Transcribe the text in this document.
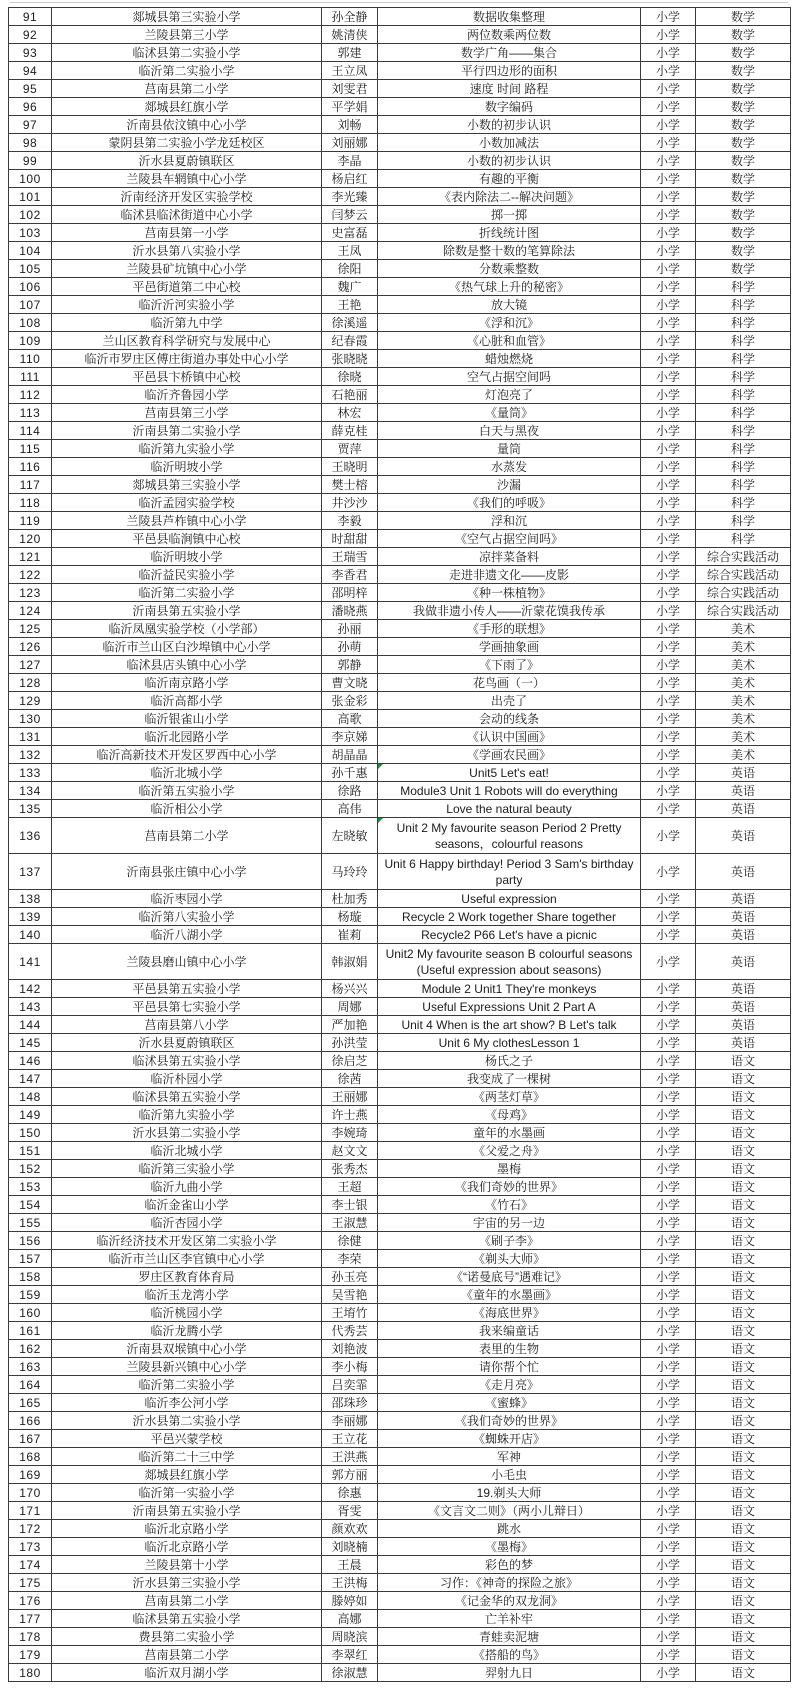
91	郯城县第三实验小学	孙全静	数据收集整理	小学	数学
92	兰陵县第三小学	姚清侠	两位数乘两位数	小学	数学
93	临沭县第二实验小学	郭建	数学广角——集合	小学	数学
94	临沂第二实验小学	王立凤	平行四边形的面积	小学	数学
95	莒南县第二小学	刘雯君	速度 时间 路程	小学	数学
96	郯城县红旗小学	平学娟	数字编码	小学	数学
97	沂南县依汶镇中心小学	刘畅	小数的初步认识	小学	数学
98	蒙阴县第二实验小学龙廷校区	刘丽娜	小数加减法	小学	数学
99	沂水县夏蔚镇联区	李晶	小数的初步认识	小学	数学
100	兰陵县车辋镇中心小学	杨启红	有趣的平衡	小学	数学
101	沂南经济开发区实验学校	李光臻	《表内除法二--解决问题》	小学	数学
102	临沭县临沭街道中心小学	闫梦云	掷一掷	小学	数学
103	莒南县第一小学	史富磊	折线统计图	小学	数学
104	沂水县第八实验小学	王凤	除数是整十数的笔算除法	小学	数学
105	兰陵县矿坑镇中心小学	徐阳	分数乘整数	小学	数学
106	平邑街道第二中心校	魏广	《热气球上升的秘密》	小学	科学
107	临沂沂河实验小学	王艳	放大镜	小学	科学
108	临沂第九中学	徐溪遥	《浮和沉》	小学	科学
109	兰山区教育科学研究与发展中心	纪春霞	《心脏和血管》	小学	科学
110	临沂市罗庄区傅庄街道办事处中心小学	张晓晓	蜡烛燃烧	小学	科学
111	平邑县卞桥镇中心校	徐晓	空气占据空间吗	小学	科学
112	临沂齐鲁园小学	石艳丽	灯泡亮了	小学	科学
113	莒南县第三小学	林宏	《量筒》	小学	科学
114	沂南县第二实验小学	薛克桂	白天与黑夜	小学	科学
115	临沂第九实验小学	贾萍	量筒	小学	科学
116	临沂明坡小学	王晓明	水蒸发	小学	科学
117	郯城县第三实验小学	樊士榕	沙漏	小学	科学
118	临沂孟园实验学校	井沙沙	《我们的呼吸》	小学	科学
119	兰陵县芦柞镇中心小学	李毅	浮和沉	小学	科学
120	平邑县临涧镇中心校	时甜甜	《空气占据空间吗》	小学	科学
121	临沂明坡小学	王瑞雪	凉拌菜备料	小学	综合实践活动
122	临沂益民实验小学	李香君	走进非遗文化——皮影	小学	综合实践活动
123	临沂第二实验小学	邵明梓	《种一株植物》	小学	综合实践活动
124	沂南县第五实验小学	潘晓燕	我做非遗小传人——沂蒙花馍我传承	小学	综合实践活动
125	临沂凤凰实验学校（小学部）	孙丽	《手形的联想》	小学	美术
126	临沂市兰山区白沙埠镇中心小学	孙萌	学画抽象画	小学	美术
127	临沭县店头镇中心小学	郭静	《下雨了》	小学	美术
128	临沂南京路小学	曹文晓	花鸟画（一）	小学	美术
129	临沂高都小学	张金彩	出壳了	小学	美术
130	临沂银雀山小学	高歌	会动的线条	小学	美术
131	临沂北园路小学	李京娣	《认识中国画》	小学	美术
132	临沂高新技术开发区罗西中心小学	胡晶晶	《学画农民画》	小学	美术
133	临沂北城小学	孙千惠	Unit5 Let's eat!	小学	英语
134	临沂第五实验小学	徐路	Module3 Unit 1 Robots will do everything	小学	英语
135	临沂相公小学	高伟	Love the natural beauty	小学	英语
136	莒南县第二小学	左晓敏	Unit 2 My favourite season Period 2 Pretty seasons，colourful reasons	小学	英语
137	沂南县张庄镇中心小学	马玲玲	Unit 6 Happy birthday! Period 3 Sam's birthday party	小学	英语
138	临沂枣园小学	杜加秀	Useful expression	小学	英语
139	临沂第八实验小学	杨璇	Recycle 2 Work together Share together	小学	英语
140	临沂八湖小学	崔莉	Recycle2 P66 Let's have a picnic	小学	英语
141	兰陵县磨山镇中心小学	韩淑娟	Unit2 My favourite season B colourful seasons (Useful expression about seasons)	小学	英语
142	平邑县第五实验小学	杨兴兴	Module 2 Unit1 They're monkeys	小学	英语
143	平邑县第七实验小学	周娜	Useful Expressions Unit 2 Part A	小学	英语
144	莒南县第八小学	严加艳	Unit 4 When is the art show? B Let's talk	小学	英语
145	沂水县夏蔚镇联区	孙洪莹	Unit 6 My clothesLesson 1	小学	英语
146	临沭县第五实验小学	徐启芝	杨氏之子	小学	语文
147	临沂朴园小学	徐茜	我变成了一棵树	小学	语文
148	临沭县第五实验小学	王丽娜	《两茎灯草》	小学	语文
149	临沂第九实验小学	许士燕	《母鸡》	小学	语文
150	沂水县第二实验小学	李婉琦	童年的水墨画	小学	语文
151	临沂北城小学	赵文文	《父爱之舟》	小学	语文
152	临沂第三实验小学	张秀杰	墨梅	小学	语文
153	临沂九曲小学	王超	《我们奇妙的世界》	小学	语文
154	临沂金雀山小学	李士银	《竹石》	小学	语文
155	临沂杏园小学	王淑慧	宇宙的另一边	小学	语文
156	临沂经济技术开发区第二实验小学	徐健	《刷子李》	小学	语文
157	临沂市兰山区李官镇中心小学	李荣	《剃头大师》	小学	语文
158	罗庄区教育体育局	孙玉亮	《“诺曼底号”遇难记》	小学	语文
159	临沂玉龙湾小学	吴雪艳	《童年的水墨画》	小学	语文
160	临沂桃园小学	王堉竹	《海底世界》	小学	语文
161	临沂龙腾小学	代秀芸	我来编童话	小学	语文
162	沂南县双堠镇中心小学	刘艳波	表里的生物	小学	语文
163	兰陵县新兴镇中心小学	李小梅	请你帮个忙	小学	语文
164	临沂第二实验小学	吕奕霏	《走月亮》	小学	语文
165	临沂李公河小学	邵珠珍	《蜜蜂》	小学	语文
166	沂水县第二实验小学	李丽娜	《我们奇妙的世界》	小学	语文
167	平邑兴蒙学校	王立花	《蜘蛛开店》	小学	语文
168	临沂第二十三中学	王洪燕	军神	小学	语文
169	郯城县红旗小学	郭方丽	小毛虫	小学	语文
170	临沂第一实验小学	徐惠	19.剃头大师	小学	语文
171	沂南县第五实验小学	胥雯	《文言文二则》（两小儿辩日）	小学	语文
172	临沂北京路小学	颜欢欢	跳水	小学	语文
173	临沂北京路小学	刘晓楠	《墨梅》	小学	语文
174	兰陵县第十小学	王晨	彩色的梦	小学	语文
175	沂水县第三实验小学	王洪梅	习作：《神奇的探险之旅》	小学	语文
176	莒南县第二小学	滕婷如	《记金华的双龙洞》	小学	语文
177	临沭县第五实验小学	高娜	亡羊补牢	小学	语文
178	费县第二实验小学	周晓滨	青蛙卖泥塘	小学	语文
179	莒南县第二小学	李翠红	《搭船的鸟》	小学	语文
180	临沂双月湖小学	徐淑慧	羿射九日	小学	语文
